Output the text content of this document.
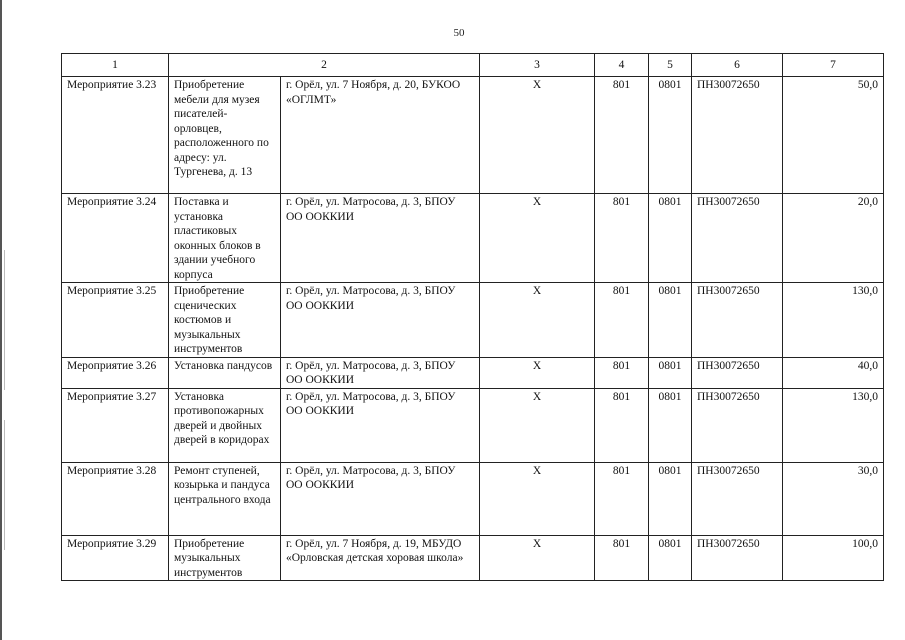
50
1	2		3	4	5	6	7
Мероприятие 3.23	Приобретение мебели для музея писателей-орловцев, расположенного по адресу: ул. Тургенева, д. 13	г. Орёл, ул. 7 Ноября, д. 20, БУКОО «ОГЛМТ»	Х	801	0801	ПН30072650	50,0
Мероприятие 3.24	Поставка и установка пластиковых оконных блоков в здании учебного корпуса	г. Орёл, ул. Матросова, д. 3, БПОУ ОО ООККИИ	Х	801	0801	ПН30072650	20,0
Мероприятие 3.25	Приобретение сценических костюмов и музыкальных инструментов	г. Орёл, ул. Матросова, д. 3, БПОУ ОО ООККИИ	Х	801	0801	ПН30072650	130,0
Мероприятие 3.26	Установка пандусов	г. Орёл, ул. Матросова, д. 3, БПОУ ОО ООККИИ	Х	801	0801	ПН30072650	40,0
Мероприятие 3.27	Установка противопожарных дверей и двойных дверей в коридорах	г. Орёл, ул. Матросова, д. 3, БПОУ ОО ООККИИ	Х	801	0801	ПН30072650	130,0
Мероприятие 3.28	Ремонт ступеней, козырька и пандуса центрального входа	г. Орёл, ул. Матросова, д. 3, БПОУ ОО ООККИИ	Х	801	0801	ПН30072650	30,0
Мероприятие 3.29	Приобретение музыкальных инструментов	г. Орёл, ул. 7 Ноября, д. 19, МБУДО «Орловская детская хоровая школа»	Х	801	0801	ПН30072650	100,0
